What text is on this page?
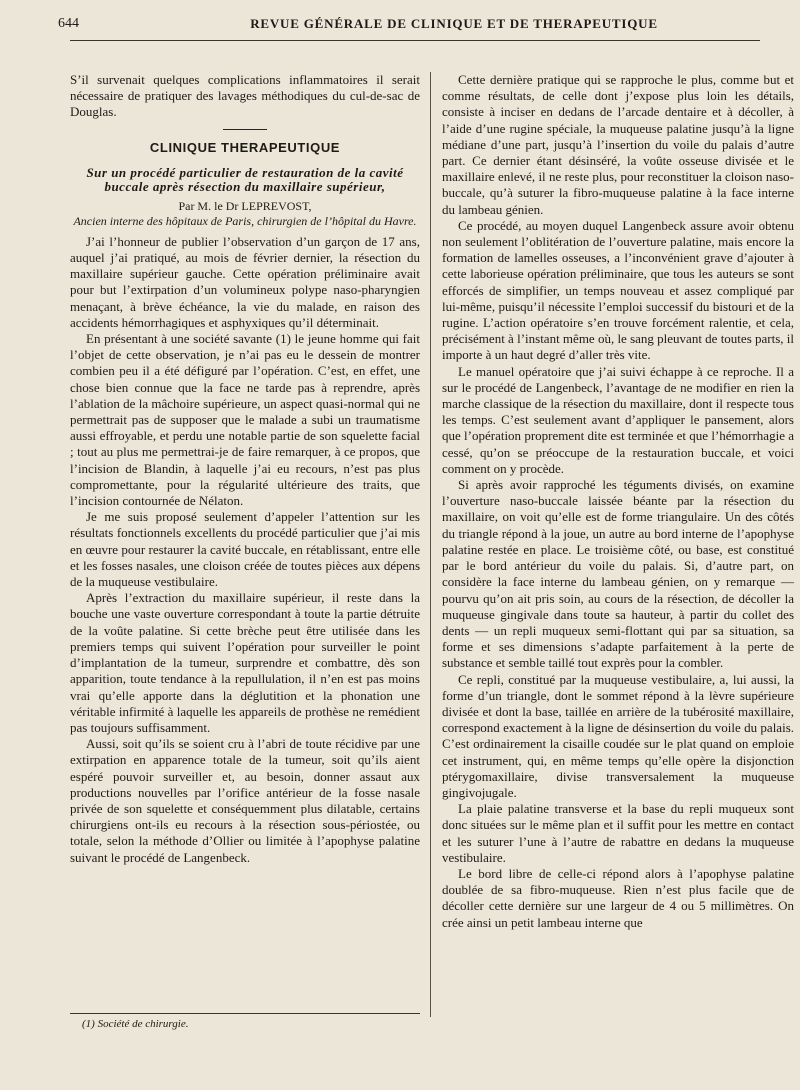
644	REVUE GÉNÉRALE DE CLINIQUE ET DE THERAPEUTIQUE

S’il survenait quelques complications inflammatoires il serait nécessaire de pratiquer des lavages méthodiques du cul-de-sac de Douglas.

CLINIQUE THERAPEUTIQUE
Sur un procédé particulier de restauration de la cavité buccale après résection du maxillaire supérieur,
Par M. le Dr LEPREVOST,
Ancien interne des hôpitaux de Paris, chirurgien de l’hôpital du Havre.

J’ai l’honneur de publier l’observation d’un garçon de 17 ans, auquel j’ai pratiqué, au mois de février dernier, la résection du maxillaire supérieur gauche. Cette opération préliminaire avait pour but l’extirpation d’un volumineux polype naso-pharyngien menaçant, à brève échéance, la vie du malade, en raison des accidents hémorrhagiques et asphyxiques qu’il déterminait.

En présentant à une société savante (1) le jeune homme qui fait l’objet de cette observation, je n’ai pas eu le dessein de montrer combien peu il a été défiguré par l’opération. C’est, en effet, une chose bien connue que la face ne tarde pas à reprendre, après l’ablation de la mâchoire supérieure, un aspect quasi-normal qui ne permettrait pas de supposer que le malade a subi un traumatisme aussi effroyable, et perdu une notable partie de son squelette facial ; tout au plus me permettrai-je de faire remarquer, à ce propos, que l’incision de Blandin, à laquelle j’ai eu recours, n’est pas plus compromettante, pour la régularité ultérieure des traits, que l’incision contournée de Nélaton.

Je me suis proposé seulement d’appeler l’attention sur les résultats fonctionnels excellents du procédé particulier que j’ai mis en œuvre pour restaurer la cavité buccale, en rétablissant, entre elle et les fosses nasales, une cloison créée de toutes pièces aux dépens de la muqueuse vestibulaire.

Après l’extraction du maxillaire supérieur, il reste dans la bouche une vaste ouverture correspondant à toute la partie détruite de la voûte palatine. Si cette brèche peut être utilisée dans les premiers temps qui suivent l’opération pour surveiller le point d’implantation de la tumeur, surprendre et combattre, dès son apparition, toute tendance à la repullulation, il n’en est pas moins vrai qu’elle apporte dans la déglutition et la phonation une véritable infirmité à laquelle les appareils de prothèse ne remédient pas toujours suffisamment.

Aussi, soit qu’ils se soient cru à l’abri de toute récidive par une extirpation en apparence totale de la tumeur, soit qu’ils aient espéré pouvoir surveiller et, au besoin, donner assaut aux productions nouvelles par l’orifice antérieur de la fosse nasale privée de son squelette et conséquemment plus dilatable, certains chirurgiens ont-ils eu recours à la résection sous-périostée, ou totale, selon la méthode d’Ollier ou limitée à l’apophyse palatine suivant le procédé de Langenbeck.

Cette dernière pratique qui se rapproche le plus, comme but et comme résultats, de celle dont j’expose plus loin les détails, consiste à inciser en dedans de l’arcade dentaire et à décoller, à l’aide d’une rugine spéciale, la muqueuse palatine jusqu’à la ligne médiane d’une part, jusqu’à l’insertion du voile du palais d’autre part. Ce dernier étant désinséré, la voûte osseuse divisée et le maxillaire enlevé, il ne reste plus, pour reconstituer la cloison naso-buccale, qu’à suturer la fibro-muqueuse palatine à la face interne du lambeau génien.

Ce procédé, au moyen duquel Langenbeck assure avoir obtenu non seulement l’oblitération de l’ouverture palatine, mais encore la formation de lamelles osseuses, a l’inconvénient grave d’ajouter à cette laborieuse opération préliminaire, que tous les auteurs se sont efforcés de simplifier, un temps nouveau et assez compliqué par lui-même, puisqu’il nécessite l’emploi successif du bistouri et de la rugine. L’action opératoire s’en trouve forcément ralentie, et cela, précisément à l’instant même où, le sang pleuvant de toutes parts, il importe à un haut degré d’aller très vite.

Le manuel opératoire que j’ai suivi échappe à ce reproche. Il a sur le procédé de Langenbeck, l’avantage de ne modifier en rien la marche classique de la résection du maxillaire, dont il respecte tous les temps. C’est seulement avant d’appliquer le pansement, alors que l’opération proprement dite est terminée et que l’hémorrhagie a cessé, qu’on se préoccupe de la restauration buccale, et voici comment on y procède.

Si après avoir rapproché les téguments divisés, on examine l’ouverture naso-buccale laissée béante par la résection du maxillaire, on voit qu’elle est de forme triangulaire. Un des côtés du triangle répond à la joue, un autre au bord interne de l’apophyse palatine restée en place. Le troisième côté, ou base, est constitué par le bord antérieur du voile du palais. Si, d’autre part, on considère la face interne du lambeau génien, on y remarque — pourvu qu’on ait pris soin, au cours de la résection, de décoller la muqueuse gingivale dans toute sa hauteur, à partir du collet des dents — un repli muqueux semi-flottant qui par sa situation, sa forme et ses dimensions s’adapte parfaitement à la perte de substance et semble taillé tout exprès pour la combler.

Ce repli, constitué par la muqueuse vestibulaire, a, lui aussi, la forme d’un triangle, dont le sommet répond à la lèvre supérieure divisée et dont la base, taillée en arrière de la tubérosité maxillaire, correspond exactement à la ligne de désinsertion du voile du palais. C’est ordinairement la cisaille coudée sur le plat quand on emploie cet instrument, qui, en même temps qu’elle opère la disjonction ptérygomaxillaire, divise transversalement la muqueuse gingivojugale.

La plaie palatine transverse et la base du repli muqueux sont donc situées sur le même plan et il suffit pour les mettre en contact et les suturer l’une à l’autre de rabattre en dedans la muqueuse vestibulaire.

Le bord libre de celle-ci répond alors à l’apophyse palatine doublée de sa fibro-muqueuse. Rien n’est plus facile que de décoller cette dernière sur une largeur de 4 ou 5 millimètres. On crée ainsi un petit lambeau interne que

(1) Société de chirurgie.
